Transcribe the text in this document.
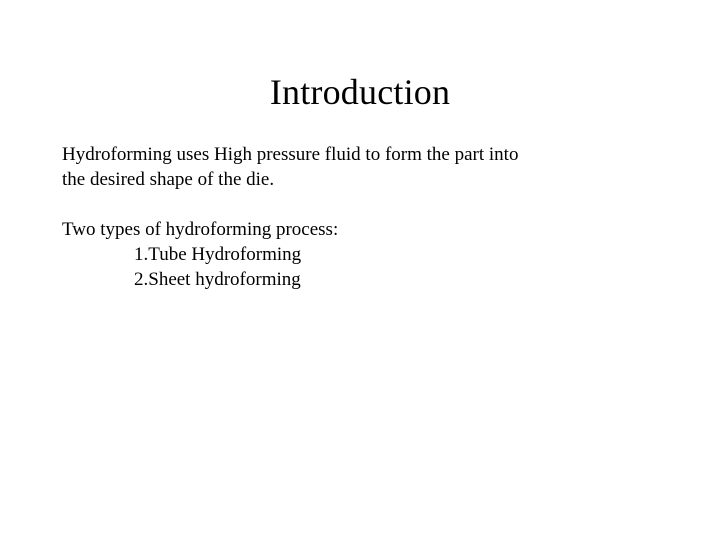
Introduction

Hydroforming uses High pressure fluid to form the part into
the desired shape of the die.

Two types of hydroforming process:
1.Tube Hydroforming
2.Sheet hydroforming
